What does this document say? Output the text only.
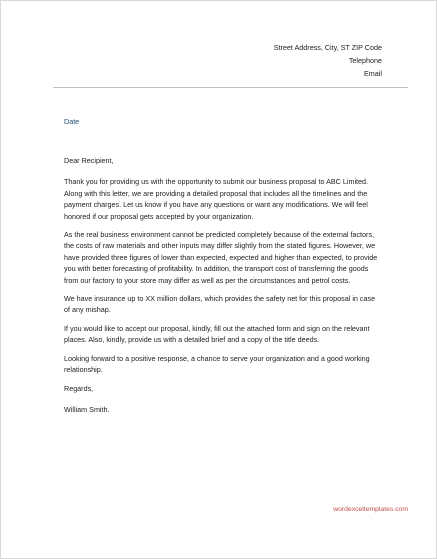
Street Address, City, ST ZIP Code
Telephone
Email
Date

Dear Recipient,

Thank you for providing us with the opportunity to submit our business proposal to ABC Limited. Along with this letter, we are providing a detailed proposal that includes all the timelines and the payment charges. Let us know if you have any questions or want any modifications. We will feel honored if our proposal gets accepted by your organization.

As the real business environment cannot be predicted completely because of the external factors, the costs of raw materials and other inputs may differ slightly from the stated figures. However, we have provided three figures of lower than expected, expected and higher than expected, to provide you with better forecasting of profitability. In addition, the transport cost of transferring the goods from our factory to your store may differ as well as per the circumstances and petrol costs.

We have insurance up to XX million dollars, which provides the safety net for this proposal in case of any mishap.

If you would like to accept our proposal, kindly, fill out the attached form and sign on the relevant places. Also, kindly, provide us with a detailed brief and a copy of the title deeds.

Looking forward to a positive response, a chance to serve your organization and a good working relationship.

Regards,

William Smith.

wordexceltemplates.com
